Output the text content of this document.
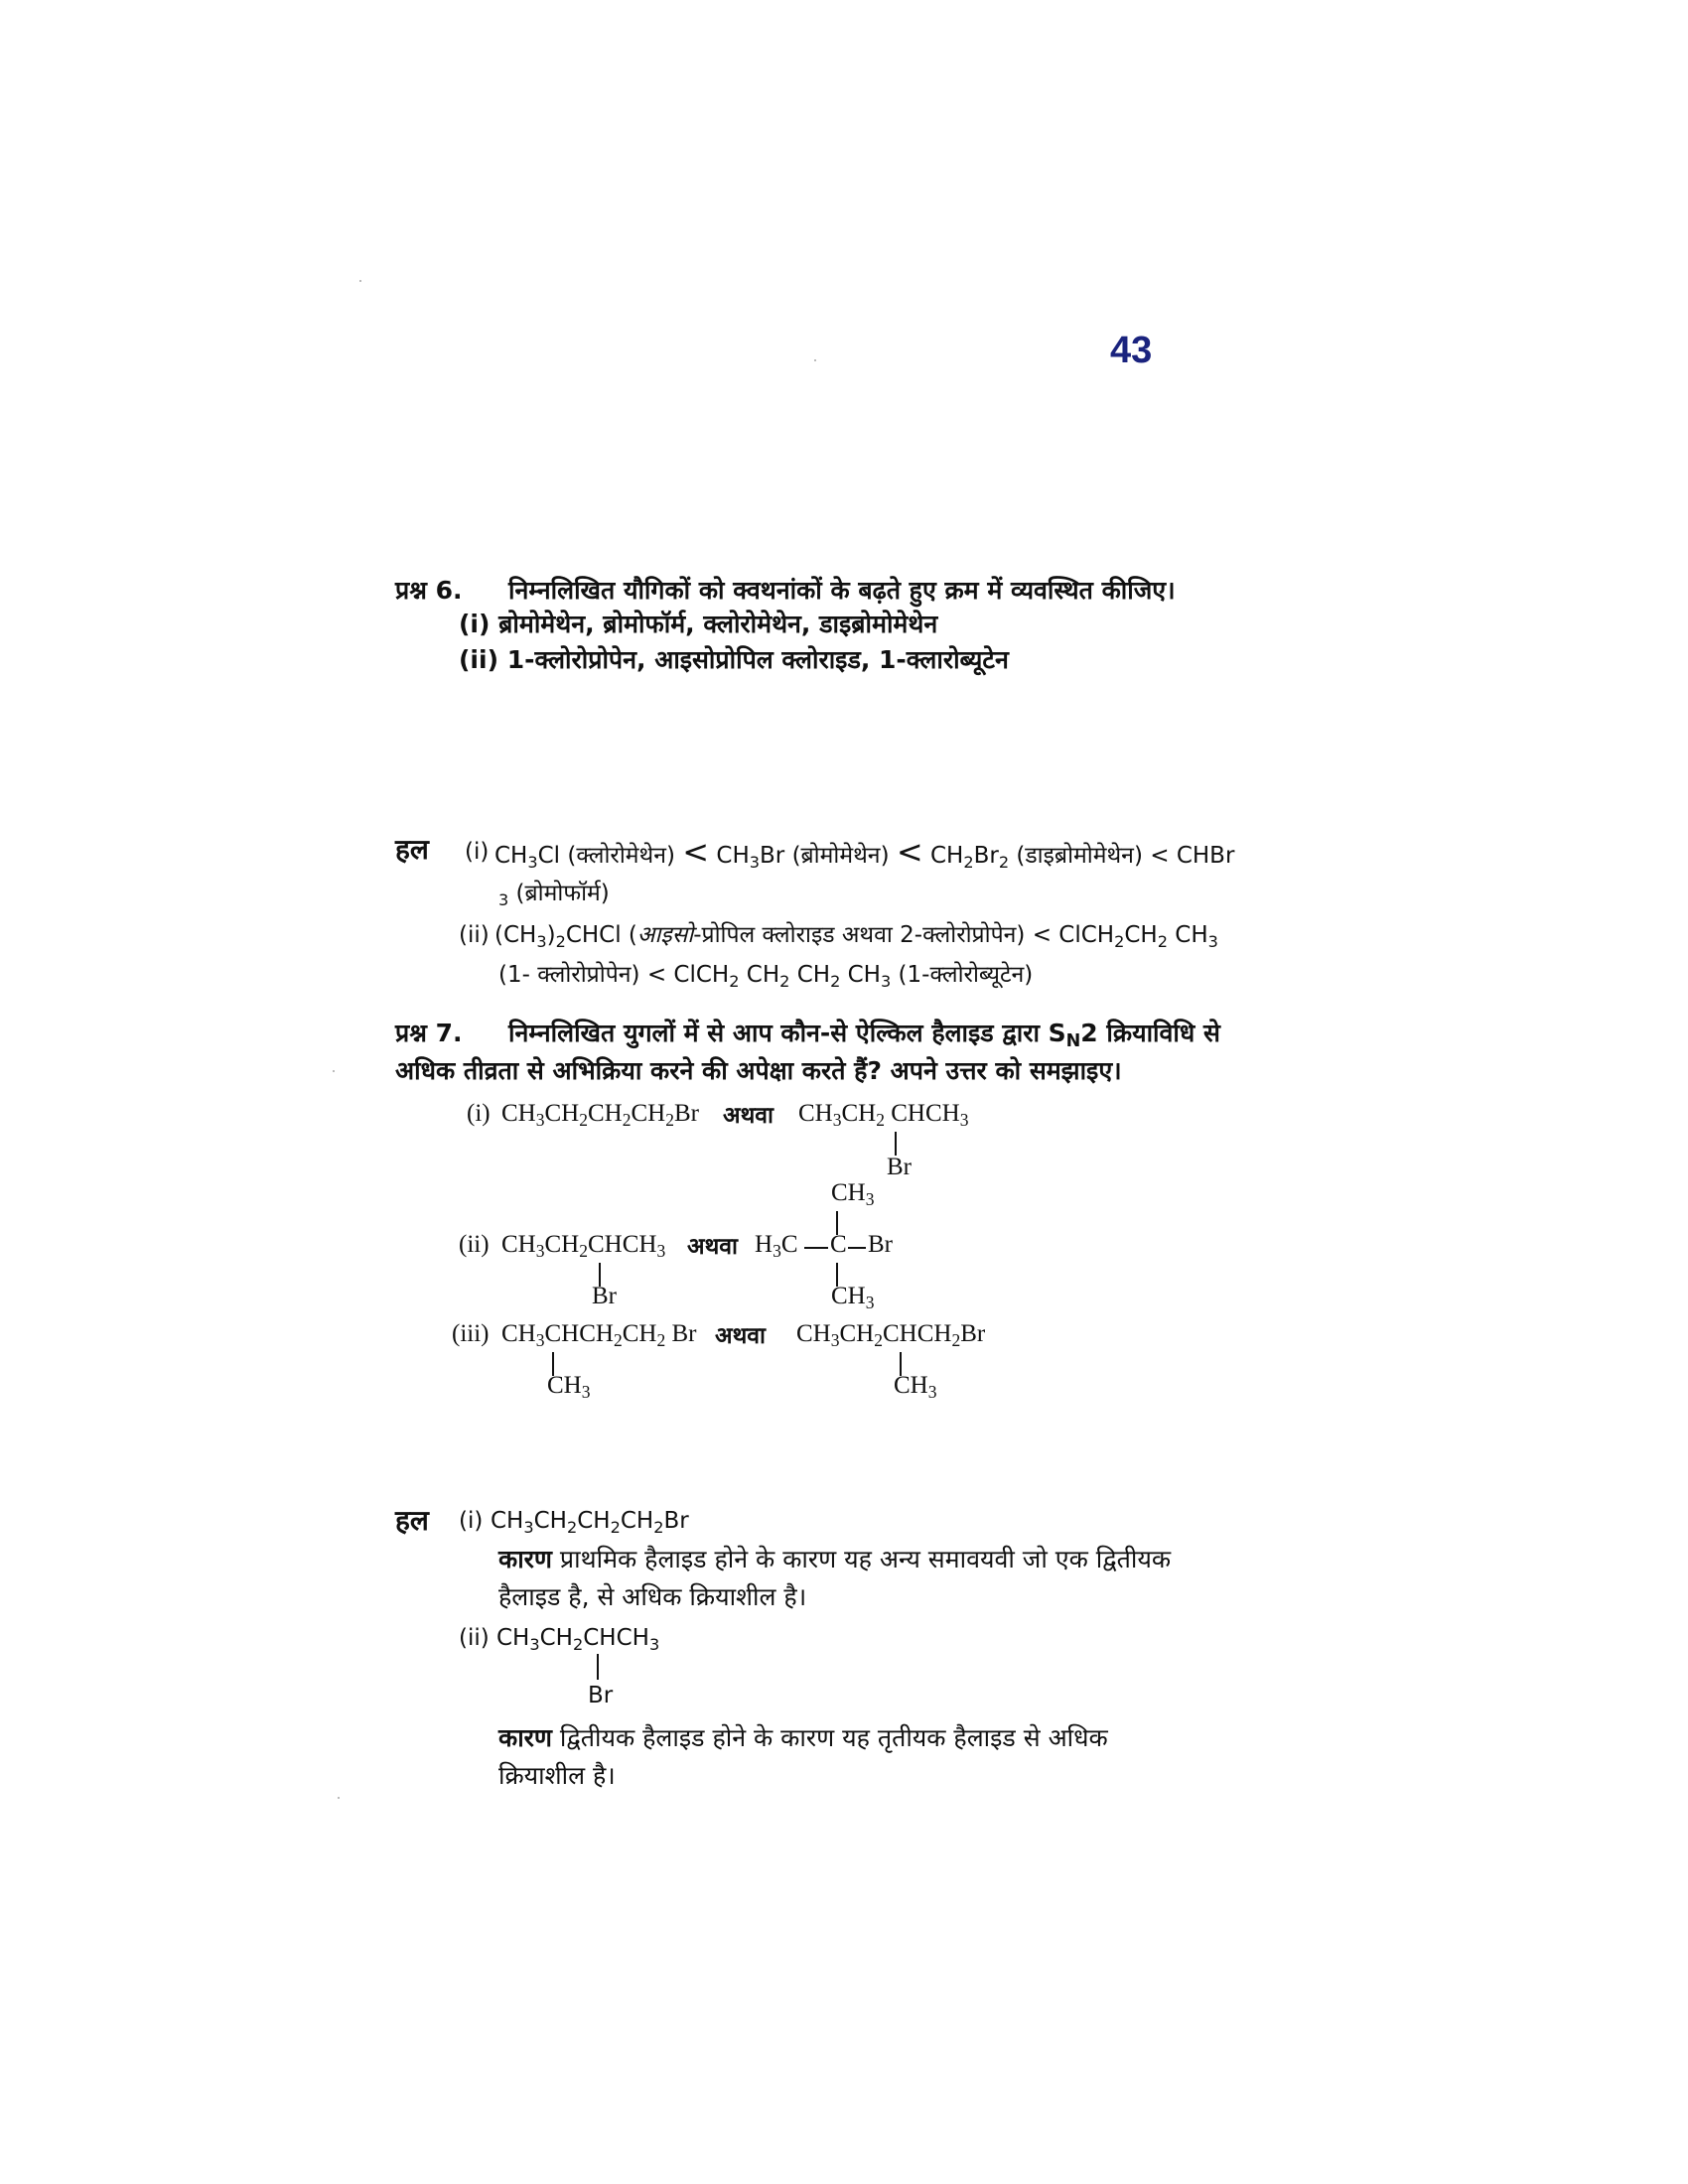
43
प्रश्न 6. निम्नलिखित यौगिकों को क्वथनांकों के बढ़ते हुए क्रम में व्यवस्थित कीजिए।
(i) ब्रोमोमेथेन, ब्रोमोफॉर्म, क्लोरोमेथेन, डाइब्रोमोमेथेन
(ii) 1-क्लोरोप्रोपेन, आइसोप्रोपिल क्लोराइड, 1-क्लारोब्यूटेन
हल (i) $CH_3Cl$ (क्लोरोमेथेन) < $CH_3Br$ (ब्रोमोमेथेन) < $CH_2Br_2$ (डाइब्रोमोमेथेन) < CHBr
$_3$ (ब्रोमोफॉर्म)
(ii) $(CH_3)_2CHCl$ (आइसो-प्रोपिल क्लोराइड अथवा 2-क्लोरोप्रोपेन) < $ClCH_2CH_2$ $CH_3$
(1- क्लोरोप्रोपेन) < ClCH$_2$ $CH_2$ $CH_2$ $CH_3$ (1-क्लोरोब्यूटेन)
प्रश्न 7. निम्नलिखित युगलों में से आप कौन-से ऐल्किल हैलाइड द्वारा $S_N2$ क्रियाविधि से
अधिक तीव्रता से अभिक्रिया करने की अपेक्षा करते हैं? अपने उत्तर को समझाइए।
(i) $CH_3CH_2CH_2CH_2Br$ अथवा $CH_3CH_2$ $CHCH_3$
Br
$CH_3$
(ii) $CH_3CH_2CHCH_3$
Br
अथवा $H_3C$ C Br
$CH_3$
(iii) $CH_3CHCH_2CH_2$ Br
$CH_3$
अथवा $CH_3CH_2CHCH_2Br$
$CH_3$
हल (i) $CH_3CH_2CH_2CH_2Br$
कारण प्राथमिक हैलाइड होने के कारण यह अन्य समावयवी जो एक द्वितीयक
हैलाइड है, से अधिक क्रियाशील है।
(ii) $CH_3CH_2CHCH_3$
Br
कारण द्वितीयक हैलाइड होने के कारण यह तृतीयक हैलाइड से अधिक
क्रियाशील है।
